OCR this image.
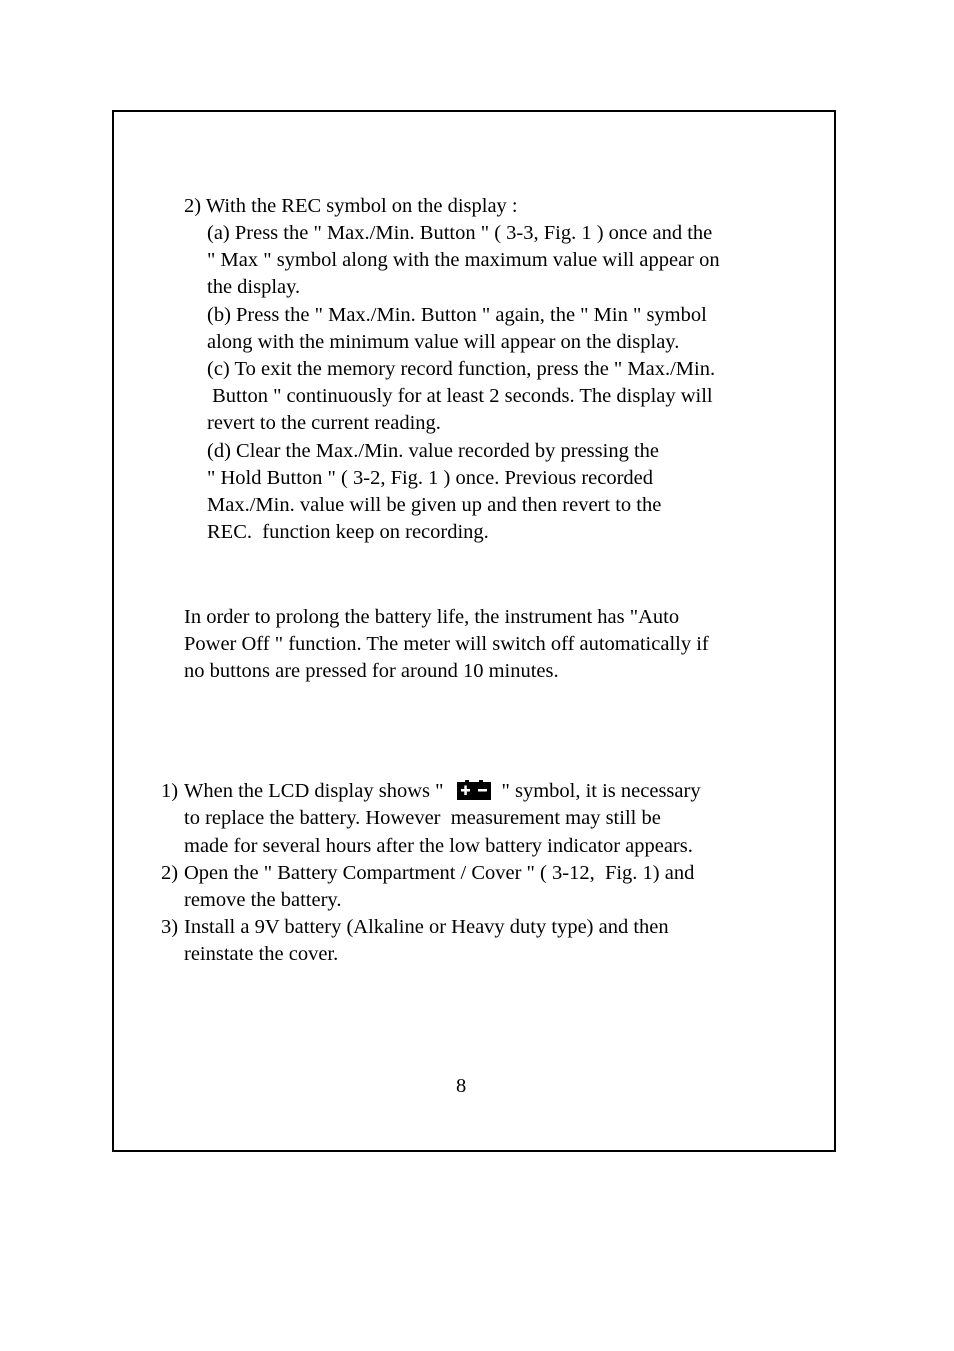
2) With the REC symbol on the display :
(a) Press the " Max./Min. Button " ( 3-3, Fig. 1 ) once and the
" Max " symbol along with the maximum value will appear on
the display.
(b) Press the " Max./Min. Button " again, the " Min " symbol
along with the minimum value will appear on the display.
(c) To exit the memory record function, press the " Max./Min.
Button " continuously for at least 2 seconds. The display will
revert to the current reading.
(d) Clear the Max./Min. value recorded by pressing the
" Hold Button " ( 3-2, Fig. 1 ) once. Previous recorded
Max./Min. value will be given up and then revert to the
REC.  function keep on recording.
In order to prolong the battery life, the instrument has "Auto
Power Off " function. The meter will switch off automatically if
no buttons are pressed for around 10 minutes.
1) When the LCD display shows "	" symbol, it is necessary
to replace the battery. However  measurement may still be
made for several hours after the low battery indicator appears.
2) Open the " Battery Compartment / Cover " ( 3-12,  Fig. 1) and
remove the battery.
3) Install a 9V battery (Alkaline or Heavy duty type) and then
reinstate the cover.
8
